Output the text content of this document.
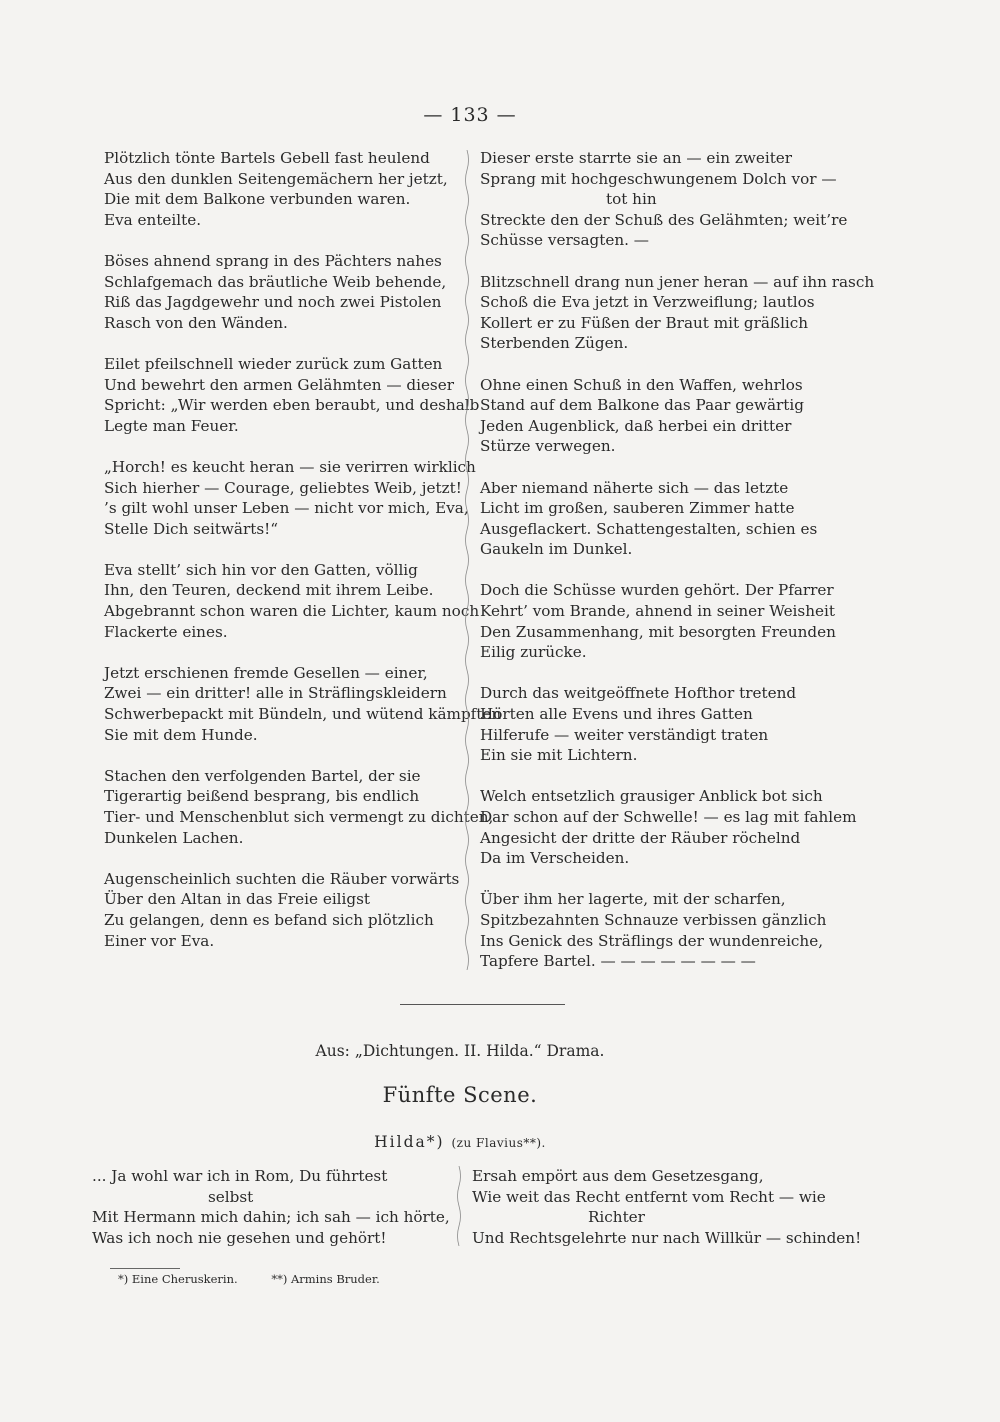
— 133 —
Plötzlich tönte Bartels Gebell fast heulend
Aus den dunklen Seitengemächern her jetzt,
Die mit dem Balkone verbunden waren.
Eva enteilte.
Böses ahnend sprang in des Pächters nahes
Schlafgemach das bräutliche Weib behende,
Riß das Jagdgewehr und noch zwei Pistolen
Rasch von den Wänden.
Eilet pfeilschnell wieder zurück zum Gatten
Und bewehrt den armen Gelähmten — dieser
Spricht: „Wir werden eben beraubt, und deshalb
Legte man Feuer.
„Horch! es keucht heran — sie verirren wirklich
Sich hierher — Courage, geliebtes Weib, jetzt!
’s gilt wohl unser Leben — nicht vor mich, Eva,
Stelle Dich seitwärts!“
Eva stellt’ sich hin vor den Gatten, völlig
Ihn, den Teuren, deckend mit ihrem Leibe.
Abgebrannt schon waren die Lichter, kaum noch
Flackerte eines.
Jetzt erschienen fremde Gesellen — einer,
Zwei — ein dritter! alle in Sträflingskleidern
Schwerbepackt mit Bündeln, und wütend kämpften
Sie mit dem Hunde.
Stachen den verfolgenden Bartel, der sie
Tigerartig beißend besprang, bis endlich
Tier- und Menschenblut sich vermengt zu dichten,
Dunkelen Lachen.
Augenscheinlich suchten die Räuber vorwärts
Über den Altan in das Freie eiligst
Zu gelangen, denn es befand sich plötzlich
Einer vor Eva.
Dieser erste starrte sie an — ein zweiter
Sprang mit hochgeschwungenem Dolch vor —
tot hin
Streckte den der Schuß des Gelähmten; weit’re
Schüsse versagten. —
Blitzschnell drang nun jener heran — auf ihn rasch
Schoß die Eva jetzt in Verzweiflung; lautlos
Kollert er zu Füßen der Braut mit gräßlich
Sterbenden Zügen.
Ohne einen Schuß in den Waffen, wehrlos
Stand auf dem Balkone das Paar gewärtig
Jeden Augenblick, daß herbei ein dritter
Stürze verwegen.
Aber niemand näherte sich — das letzte
Licht im großen, sauberen Zimmer hatte
Ausgeflackert. Schattengestalten, schien es
Gaukeln im Dunkel.
Doch die Schüsse wurden gehört. Der Pfarrer
Kehrt’ vom Brande, ahnend in seiner Weisheit
Den Zusammenhang, mit besorgten Freunden
Eilig zurücke.
Durch das weitgeöffnete Hofthor tretend
Hörten alle Evens und ihres Gatten
Hilferufe — weiter verständigt traten
Ein sie mit Lichtern.
Welch entsetzlich grausiger Anblick bot sich
Dar schon auf der Schwelle! — es lag mit fahlem
Angesicht der dritte der Räuber röchelnd
Da im Verscheiden.
Über ihm her lagerte, mit der scharfen,
Spitzbezahnten Schnauze verbissen gänzlich
Ins Genick des Sträflings der wundenreiche,
Tapfere Bartel. — — — — — — — —
Aus: „Dichtungen. II. Hilda.“ Drama.
Fünfte Scene.
Hilda*) (zu Flavius**).
... Ja wohl war ich in Rom, Du führtest
selbst
Mit Hermann mich dahin; ich sah — ich hörte,
Was ich noch nie gesehen und gehört!
Ersah empört aus dem Gesetzesgang,
Wie weit das Recht entfernt vom Recht — wie
Richter
Und Rechtsgelehrte nur nach Willkür — schinden!
*) Eine Cheruskerin.	**) Armins Bruder.
